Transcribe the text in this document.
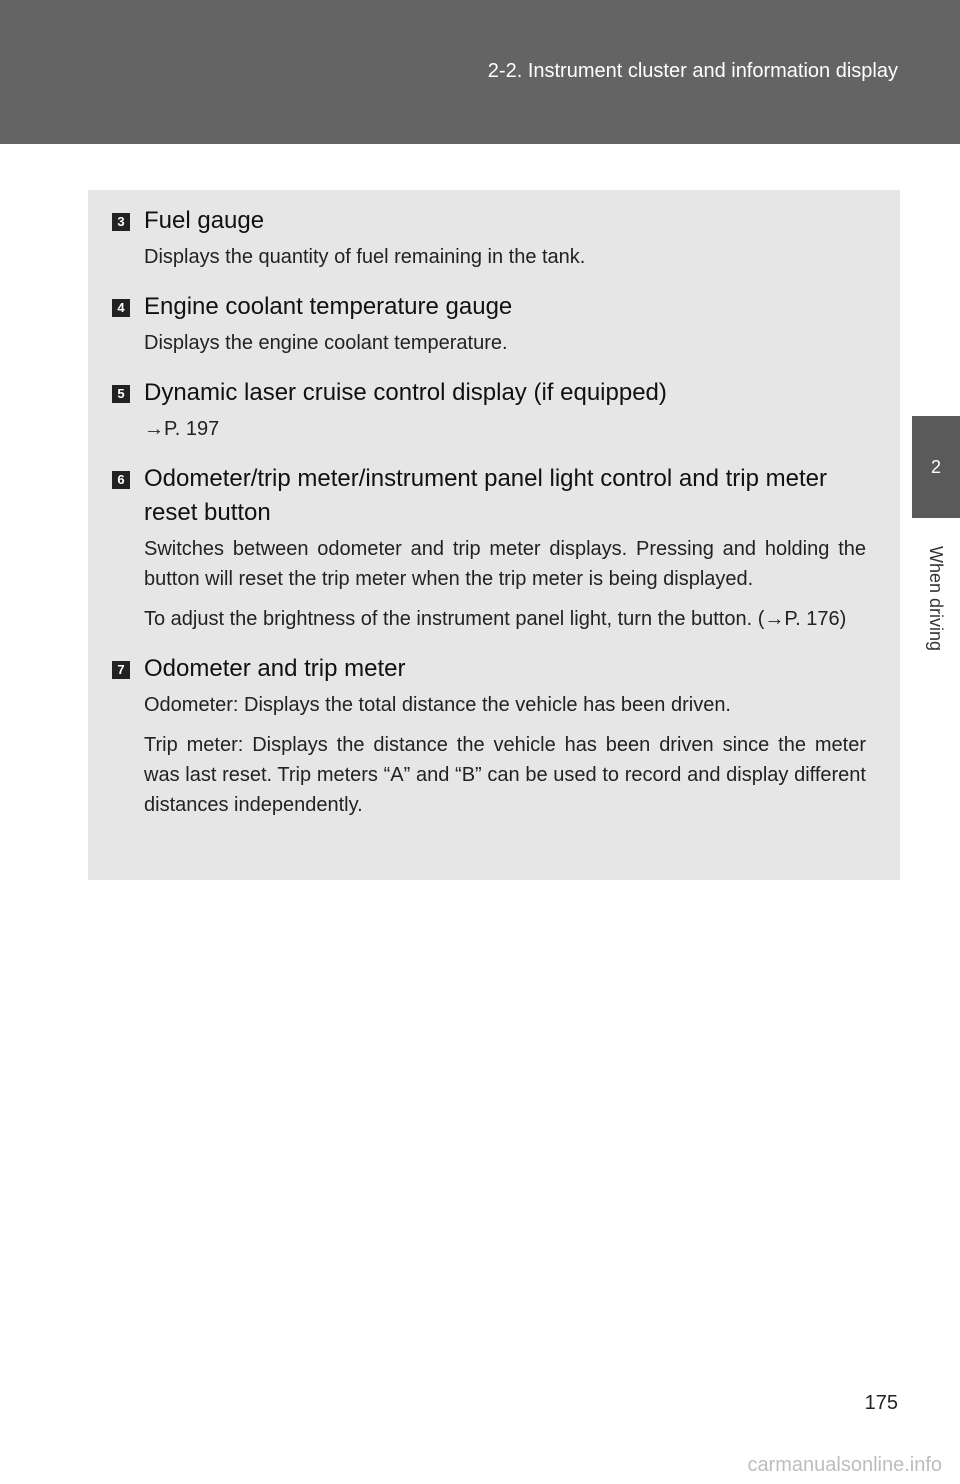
2-2. Instrument cluster and information display
2
When driving
3 Fuel gauge

Displays the quantity of fuel remaining in the tank.

4 Engine coolant temperature gauge

Displays the engine coolant temperature.

5 Dynamic laser cruise control display (if equipped)

→P. 197

6 Odometer/trip meter/instrument panel light control and trip meter reset button

Switches between odometer and trip meter displays. Pressing and holding the button will reset the trip meter when the trip meter is being displayed.

To adjust the brightness of the instrument panel light, turn the button. (→P. 176)

7 Odometer and trip meter

Odometer: Displays the total distance the vehicle has been driven.

Trip meter: Displays the distance the vehicle has been driven since the meter was last reset. Trip meters “A” and “B” can be used to record and display different distances independently.

175
carmanualsonline.info
